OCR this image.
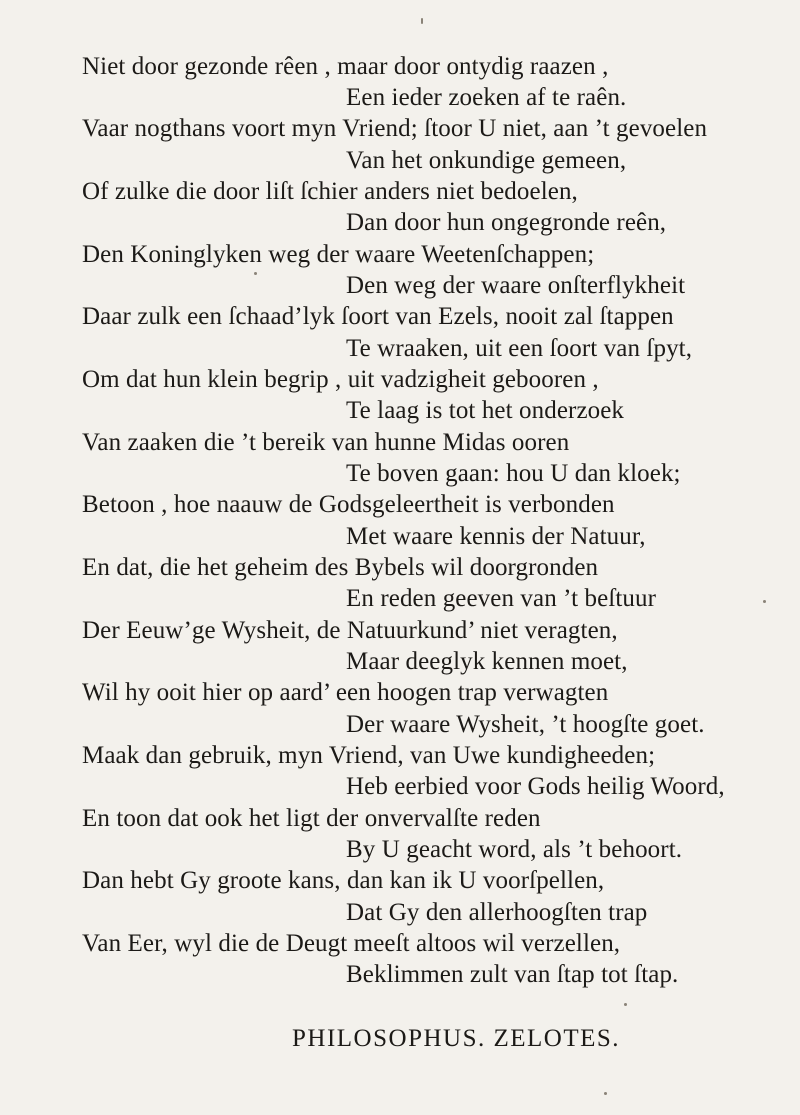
Niet door gezonde rêen , maar door ontydig raazen ,
Een ieder zoeken af te raên.
Vaar nogthans voort myn Vriend; ſtoor U niet, aan ’t gevoelen
Van het onkundige gemeen,
Of zulke die door liſt ſchier anders niet bedoelen,
Dan door hun ongegronde reên,
Den Koninglyken weg der waare Weetenſchappen;
Den weg der waare onſterflykheit
Daar zulk een ſchaad’lyk ſoort van Ezels, nooit zal ſtappen
Te wraaken, uit een ſoort van ſpyt,
Om dat hun klein begrip , uit vadzigheit gebooren ,
Te laag is tot het onderzoek
Van zaaken die ’t bereik van hunne Midas ooren
Te boven gaan: hou U dan kloek;
Betoon , hoe naauw de Godsgeleertheit is verbonden
Met waare kennis der Natuur,
En dat, die het geheim des Bybels wil doorgronden
En reden geeven van ’t beſtuur
Der Eeuw’ge Wysheit, de Natuurkund’ niet veragten,
Maar deeglyk kennen moet,
Wil hy ooit hier op aard’ een hoogen trap verwagten
Der waare Wysheit, ’t hoogſte goet.
Maak dan gebruik, myn Vriend, van Uwe kundigheeden;
Heb eerbied voor Gods heilig Woord,
En toon dat ook het ligt der onvervalſte reden
By U geacht word, als ’t behoort.
Dan hebt Gy groote kans, dan kan ik U voorſpellen,
Dat Gy den allerhoogſten trap
Van Eer, wyl die de Deugt meeſt altoos wil verzellen,
Beklimmen zult van ſtap tot ſtap.
PHILOSOPHUS. ZELOTES.
